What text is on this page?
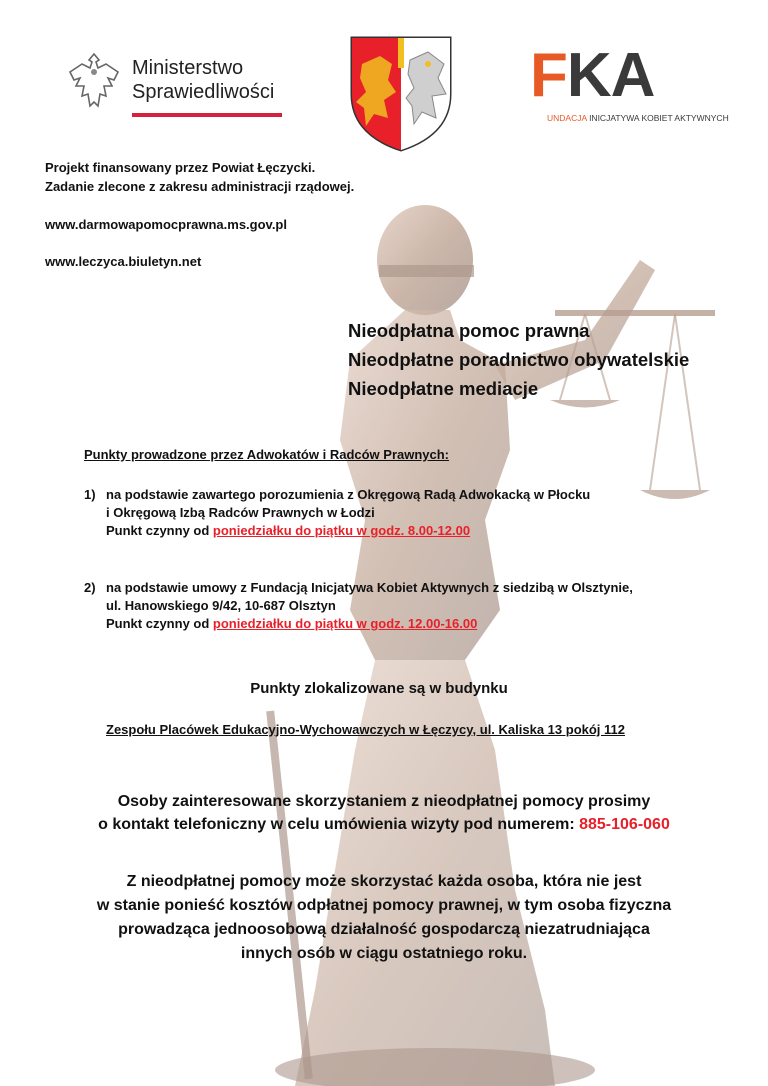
Ministerstwo
Sprawiedliwości	FKA
UNDACJA INICJATYWA KOBIET AKTYWNYCH
Projekt finansowany przez Powiat Łęczycki.
Zadanie zlecone z zakresu administracji rządowej.
www.darmowapomocprawna.ms.gov.pl
www.leczyca.biuletyn.net
Nieodpłatna pomoc prawna
Nieodpłatne poradnictwo obywatelskie
Nieodpłatne mediacje
Punkty prowadzone przez Adwokatów i Radców Prawnych:
1) na podstawie zawartego porozumienia z Okręgową Radą Adwokacką w Płocku
i Okręgową Izbą Radców Prawnych w Łodzi
Punkt czynny od poniedziałku do piątku w godz. 8.00-12.00
2) na podstawie umowy z Fundacją Inicjatywa Kobiet Aktywnych z siedzibą w Olsztynie,
ul. Hanowskiego 9/42, 10-687 Olsztyn
Punkt czynny od poniedziałku do piątku w godz. 12.00-16.00
Punkty zlokalizowane są w budynku
Zespołu Placówek Edukacyjno-Wychowawczych w Łęczycy, ul. Kaliska 13 pokój 112
Osoby zainteresowane skorzystaniem z nieodpłatnej pomocy prosimy
o kontakt telefoniczny w celu umówienia wizyty pod numerem: 885-106-060
Z nieodpłatnej pomocy może skorzystać każda osoba, która nie jest
w stanie ponieść kosztów odpłatnej pomocy prawnej, w tym osoba fizyczna
prowadząca jednoosobową działalność gospodarczą niezatrudniająca
innych osób w ciągu ostatniego roku.
